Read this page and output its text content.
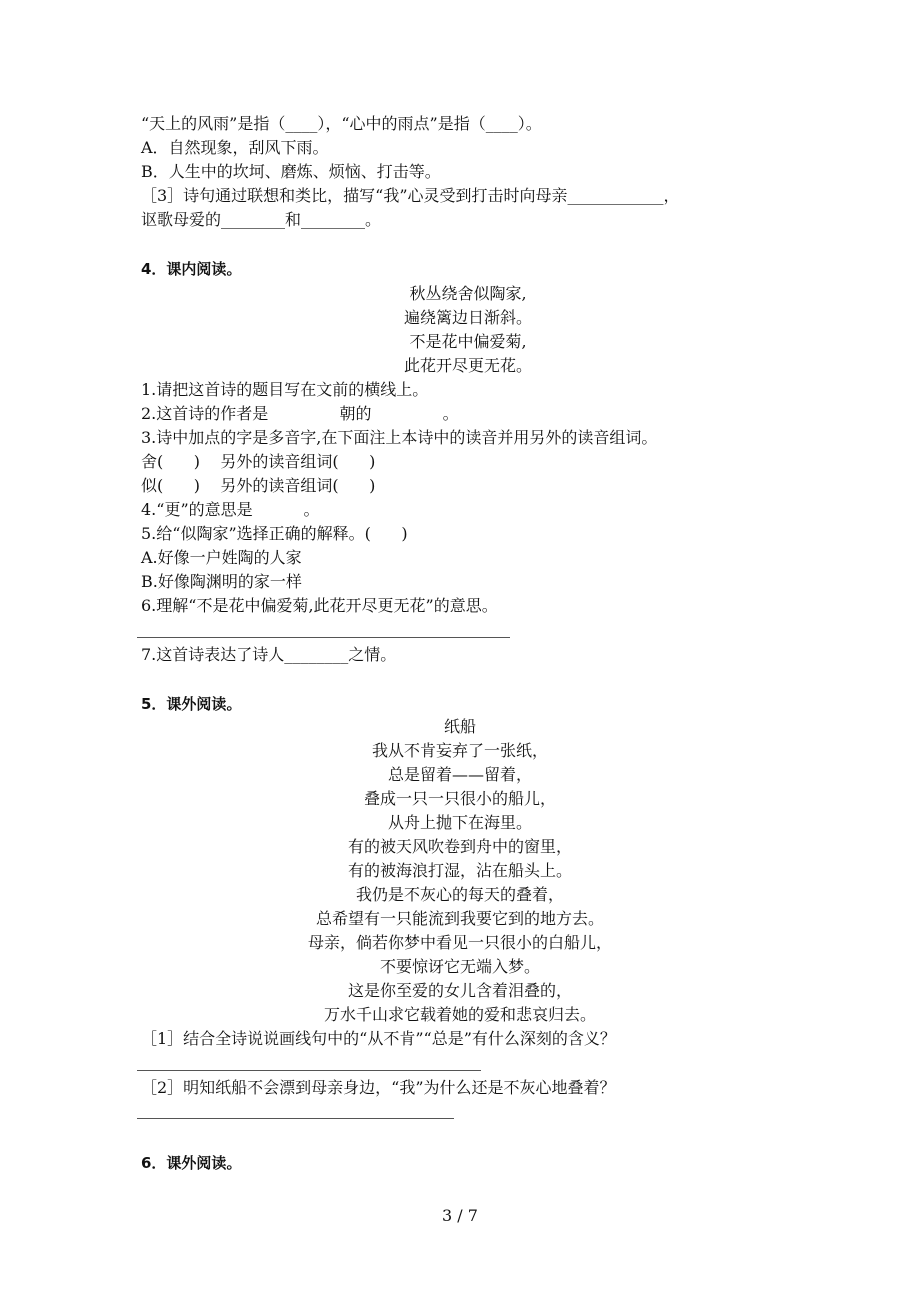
“天上的风雨”是指（____），“心中的雨点”是指（____）。
A．自然现象，刮风下雨。
B．人生中的坎坷、磨炼、烦恼、打击等。
［3］诗句通过联想和类比，描写“我”心灵受到打击时向母亲____________，
讴歌母爱的________和________。
4．课内阅读。
秋丛绕舍似陶家,
遍绕篱边日渐斜。
不是花中偏爱菊,
此花开尽更无花。
1.请把这首诗的题目写在文前的横线上。
2.这首诗的作者是              朝的              。
3.诗中加点的字是多音字,在下面注上本诗中的读音并用另外的读音组词。
舍(      )    另外的读音组词(      )
似(      )    另外的读音组词(      )
4.“更”的意思是          。
5.给“似陶家”选择正确的解释。(      )
A.好像一户姓陶的人家
B.好像陶渊明的家一样
6.理解“不是花中偏爱菊,此花开尽更无花”的意思。
7.这首诗表达了诗人________之情。
5．课外阅读。
纸船
我从不肯妄弃了一张纸，
总是留着——留着，
叠成一只一只很小的船儿，
从舟上抛下在海里。
有的被天风吹卷到舟中的窗里，
有的被海浪打湿，沾在船头上。
我仍是不灰心的每天的叠着，
总希望有一只能流到我要它到的地方去。
母亲，倘若你梦中看见一只很小的白船儿，
不要惊讶它无端入梦。
这是你至爱的女儿含着泪叠的，
万水千山求它载着她的爱和悲哀归去。
［1］结合全诗说说画线句中的“从不肯”“总是”有什么深刻的含义？
［2］明知纸船不会漂到母亲身边，“我”为什么还是不灰心地叠着？
6．课外阅读。
3 / 7
